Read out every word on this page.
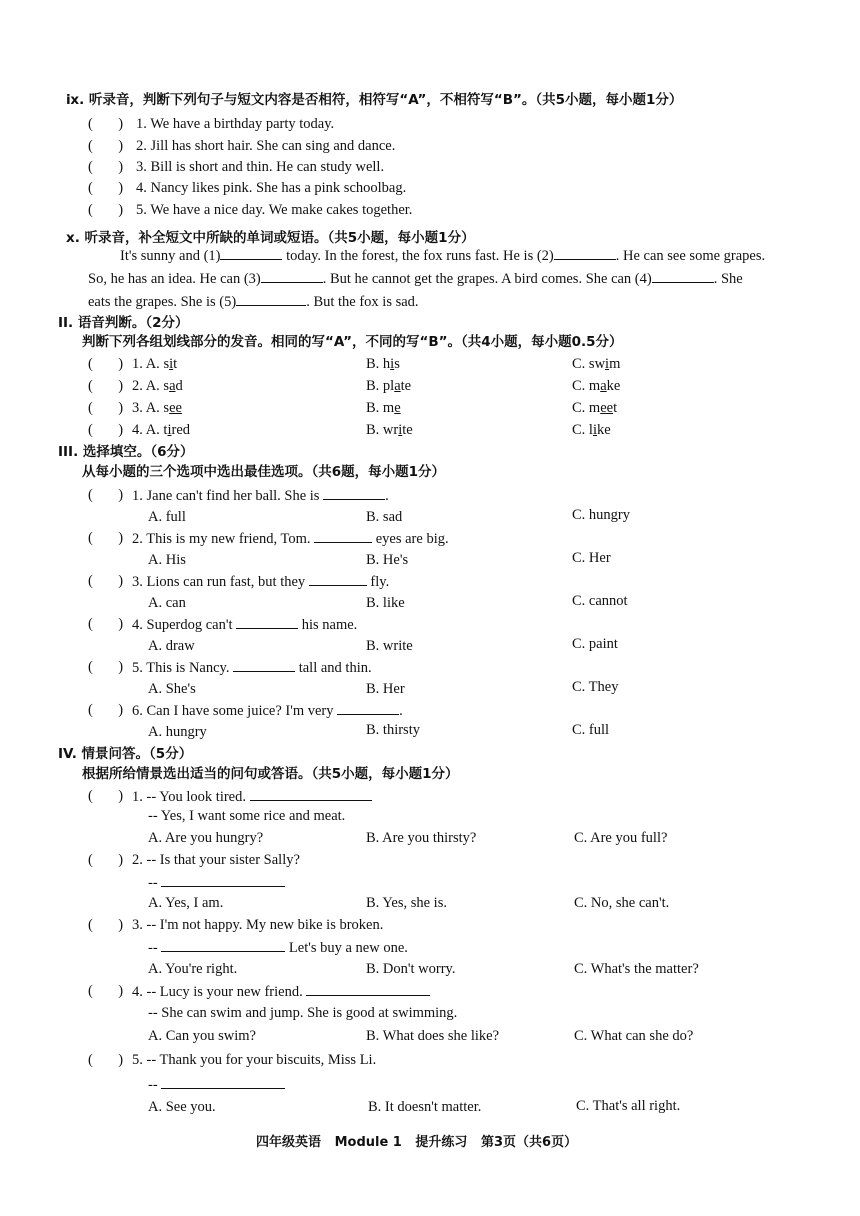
ⅸ. 听录音，判断下列句子与短文内容是否相符，相符写“A”，不相符写“B”。（共5小题，每小题1分）
(       ) 1. We have a birthday party today.
(       ) 2. Jill has short hair. She can sing and dance.
(       ) 3. Bill is short and thin. He can study well.
(       ) 4. Nancy likes pink. She has a pink schoolbag.
(       ) 5. We have a nice day. We make cakes together.
x. 听录音，补全短文中所缺的单词或短语。（共5小题，每小题1分）
It's sunny and (1)	today. In the forest, the fox runs fast. He is (2)	. He can see some grapes.
So, he has an idea. He can (3)	. But he cannot get the grapes. A bird comes. She can (4)	. She
eats the grapes. She is (5)	. But the fox is sad.
II. 语音判断。（2分）
判断下列各组划线部分的发音。相同的写“A”，不同的写“B”。（共4小题，每小题0.5分）
(       ) 1. A. sit	B. his	C. swim
(       ) 2. A. sad	B. plate	C. make
(       ) 3. A. see	B. me	C. meet
(       ) 4. A. tired	B. write	C. like
III. 选择填空。（6分）
从每小题的三个选项中选出最佳选项。（共6题，每小题1分）
(       ) 1. Jane can't find her ball. She is	.
A. full	B. sad	C. hungry
(       ) 2. This is my new friend, Tom.	eyes are big.
A. His	B. He's	C. Her
(       ) 3. Lions can run fast, but they	fly.
A. can	B. like	C. cannot
(       ) 4. Superdog can't	his name.
A. draw	B. write	C. paint
(       ) 5. This is Nancy.	tall and thin.
A. She's	B. Her	C. They
(       ) 6. Can I have some juice? I'm very	.
A. hungry	B. thirsty	C. full
IV. 情景问答。（5分）
根据所给情景选出适当的问句或答语。（共5小题，每小题1分）
(       ) 1. -- You look tired.
-- Yes, I want some rice and meat.
A. Are you hungry?	B. Are you thirsty?	C. Are you full?
(       ) 2. -- Is that your sister Sally?
--
A. Yes, I am.	B. Yes, she is.	C. No, she can't.
(       ) 3. -- I'm not happy. My new bike is broken.
--	Let's buy a new one.
A. You're right.	B. Don't worry.	C. What's the matter?
(       ) 4. -- Lucy is your new friend.
-- She can swim and jump. She is good at swimming.
A. Can you swim?	B. What does she like?	C. What can she do?
(       ) 5. -- Thank you for your biscuits, Miss Li.
--
A. See you.	B. It doesn't matter.	C. That's all right.
四年级英语   Module 1   提升练习   第3页（共6页）
